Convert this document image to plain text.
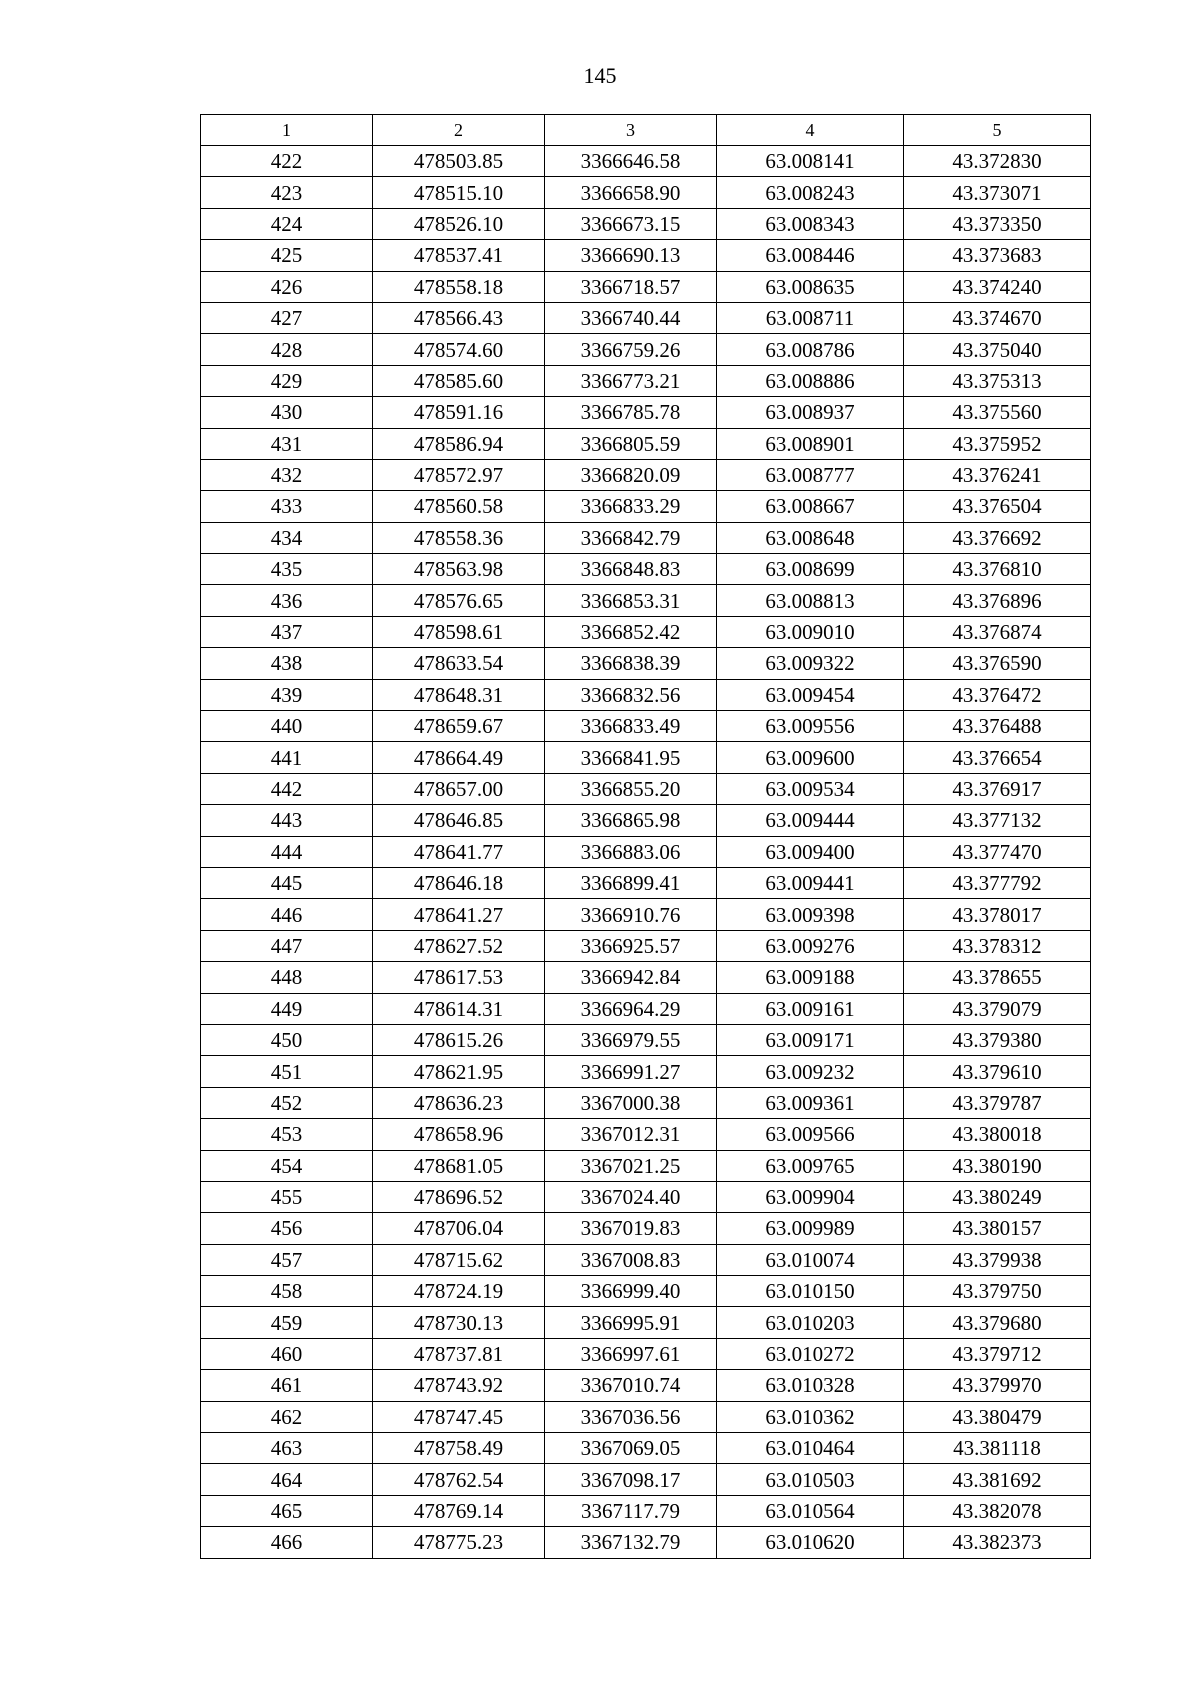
145
1	2	3	4	5
422	478503.85	3366646.58	63.008141	43.372830
423	478515.10	3366658.90	63.008243	43.373071
424	478526.10	3366673.15	63.008343	43.373350
425	478537.41	3366690.13	63.008446	43.373683
426	478558.18	3366718.57	63.008635	43.374240
427	478566.43	3366740.44	63.008711	43.374670
428	478574.60	3366759.26	63.008786	43.375040
429	478585.60	3366773.21	63.008886	43.375313
430	478591.16	3366785.78	63.008937	43.375560
431	478586.94	3366805.59	63.008901	43.375952
432	478572.97	3366820.09	63.008777	43.376241
433	478560.58	3366833.29	63.008667	43.376504
434	478558.36	3366842.79	63.008648	43.376692
435	478563.98	3366848.83	63.008699	43.376810
436	478576.65	3366853.31	63.008813	43.376896
437	478598.61	3366852.42	63.009010	43.376874
438	478633.54	3366838.39	63.009322	43.376590
439	478648.31	3366832.56	63.009454	43.376472
440	478659.67	3366833.49	63.009556	43.376488
441	478664.49	3366841.95	63.009600	43.376654
442	478657.00	3366855.20	63.009534	43.376917
443	478646.85	3366865.98	63.009444	43.377132
444	478641.77	3366883.06	63.009400	43.377470
445	478646.18	3366899.41	63.009441	43.377792
446	478641.27	3366910.76	63.009398	43.378017
447	478627.52	3366925.57	63.009276	43.378312
448	478617.53	3366942.84	63.009188	43.378655
449	478614.31	3366964.29	63.009161	43.379079
450	478615.26	3366979.55	63.009171	43.379380
451	478621.95	3366991.27	63.009232	43.379610
452	478636.23	3367000.38	63.009361	43.379787
453	478658.96	3367012.31	63.009566	43.380018
454	478681.05	3367021.25	63.009765	43.380190
455	478696.52	3367024.40	63.009904	43.380249
456	478706.04	3367019.83	63.009989	43.380157
457	478715.62	3367008.83	63.010074	43.379938
458	478724.19	3366999.40	63.010150	43.379750
459	478730.13	3366995.91	63.010203	43.379680
460	478737.81	3366997.61	63.010272	43.379712
461	478743.92	3367010.74	63.010328	43.379970
462	478747.45	3367036.56	63.010362	43.380479
463	478758.49	3367069.05	63.010464	43.381118
464	478762.54	3367098.17	63.010503	43.381692
465	478769.14	3367117.79	63.010564	43.382078
466	478775.23	3367132.79	63.010620	43.382373
